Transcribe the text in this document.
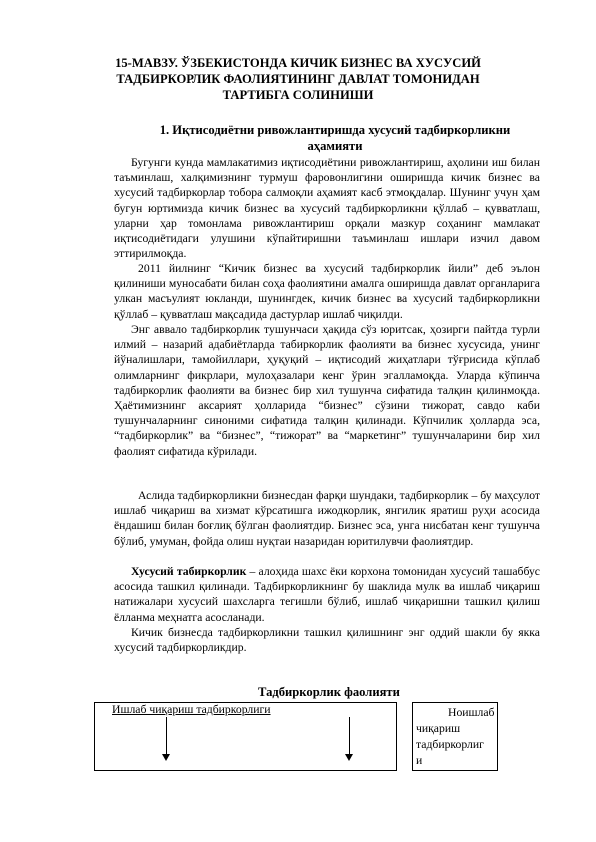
15-МАВЗУ. ЎЗБЕКИСТОНДА КИЧИК БИЗНЕС ВА ХУСУСИЙ
ТАДБИРКОРЛИК ФАОЛИЯТИНИНГ ДАВЛАТ ТОМОНИДАН
ТАРТИБГА СОЛИНИШИ
1. Иқтисодиётни ривожлантиришда хусусий тадбиркорликни
аҳамияти

Бугунги кунда мамлакатимиз иқтисодиётини ривожлантириш, аҳолини иш билан таъминлаш, халқимизнинг турмуш фаровонлигини оширишда кичик бизнес ва хусусий тадбиркорлар тобора салмоқли аҳамият касб этмоқдалар. Шунинг учун ҳам бугун юртимизда кичик бизнес ва хусусий тадбиркорликни қўллаб – қувватлаш, уларни ҳар томонлама ривожлантириш орқали мазкур соҳанинг мамлакат иқтисодиётидаги улушини кўпайтиришни таъминлаш ишлари изчил давом эттирилмоқда.

2011 йилнинг “Кичик бизнес ва хусусий тадбиркорлик йили” деб эълон қилиниши муносабати билан соҳа фаолиятини амалга оширишда давлат органларига улкан масъулият юкланди, шунингдек, кичик бизнес ва хусусий тадбиркорликни қўллаб – қувватлаш мақсадида дастурлар ишлаб чиқилди.

Энг аввало тадбиркорлик тушунчаси ҳақида сўз юритсак, ҳозирги пайтда турли илмий – назарий адабиётларда табиркорлик фаолияти ва бизнес хусусида, унинг йўналишлари, тамойиллари, ҳуқуқий – иқтисодий жиҳатлари тўғрисида кўплаб олимларнинг фикрлари, мулоҳазалари кенг ўрин эгалламоқда. Уларда кўпинча тадбиркорлик фаолияти ва бизнес бир хил тушунча сифатида талқин қилинмоқда. Ҳаётимизнинг аксарият ҳолларида “бизнес” сўзини тижорат, савдо каби тушунчаларнинг синоними сифатида талқин қилинади. Кўпчилик ҳолларда эса, “тадбиркорлик” ва “бизнес”, “тижорат” ва “маркетинг” тушунчаларини бир хил фаолият сифатида кўрилади.

Аслида тадбиркорликни бизнесдан фарқи шундаки, тадбиркорлик – бу маҳсулот ишлаб чиқариш ва хизмат кўрсатишга ижодкорлик, янгилик яратиш руҳи асосида ёндашиш билан боғлиқ бўлган фаолиятдир. Бизнес эса, унга нисбатан кенг тушунча бўлиб, умуман, фойда олиш нуқтаи назаридан юритилувчи фаолиятдир.

Хусусий табиркорлик – алоҳида шахс ёки корхона томонидан хусусий ташаббус асосида ташкил қилинади. Тадбиркорликнинг бу шаклида мулк ва ишлаб чиқариш натижалари хусусий шахсларга тегишли бўлиб, ишлаб чиқаришни ташкил қилиш ёлланма меҳнатга асосланади.

Кичик бизнесда тадбиркорликни ташкил қилишнинг энг оддий шакли бу якка хусусий тадбиркорликдир.

Тадбиркорлик фаолияти
Ишлаб чиқариш тадбиркорлиги	Ноишлаб
чиқариш
тадбиркорлиг
и
